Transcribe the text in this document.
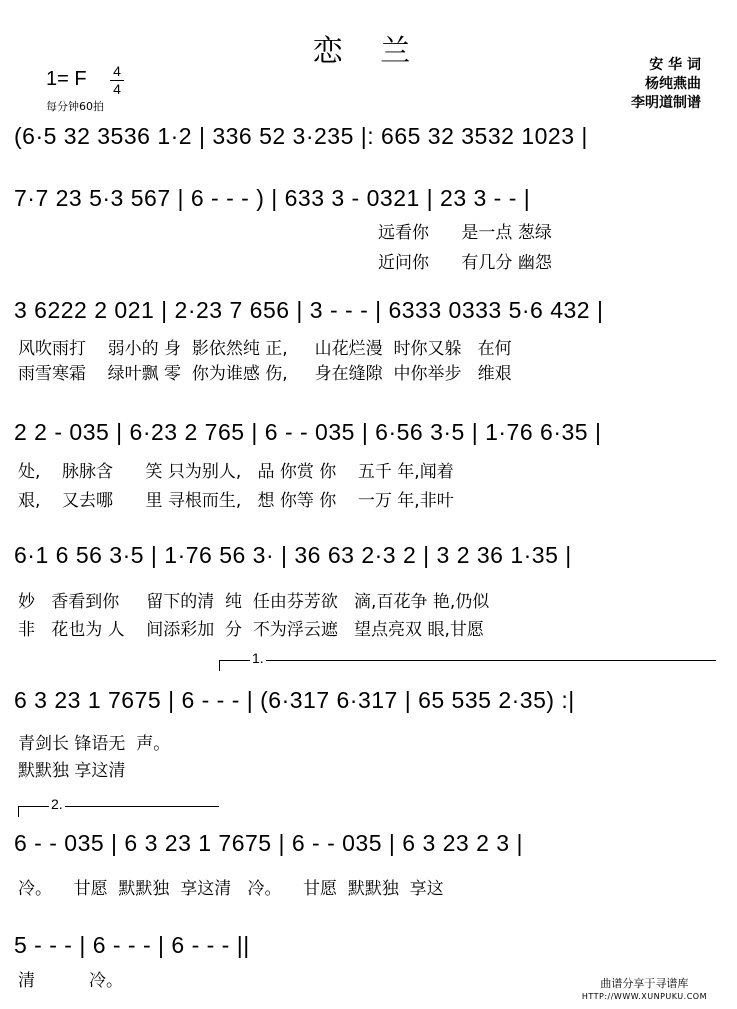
恋 兰	安 华 词
杨纯燕曲
李明道制谱
1= F 4
4
每分钟60拍
(6·5 32 3536 1·2 | 336 52 3·235 |: 665 32 3532 1023 |
7·7 23 5·3 567 | 6 - - - ) | 633 3 - 0321 | 23 3 - - |
远看你      是一点 葱绿
近问你      有几分 幽怨
3 6222 2 021 | 2·23 7 656 | 3 - - - | 6333 0333 5·6 432 |
风吹雨打    弱小的 身  影依然纯 正,     山花烂漫  时你又躲   在何
雨雪寒霜    绿叶飘 零  你为谁感 伤,     身在缝隙  中你举步   维艰
2 2 - 035 | 6·23 2 765 | 6 - - 035 | 6·56 3·5 | 1·76 6·35 |
处,    脉脉含      笑 只为别人,   品 你赏 你    五千 年,闻着
艰,    又去哪      里 寻根而生,   想 你等 你    一万 年,非叶
6·1 6 56 3·5 | 1·76 56 3· | 36 63 2·3 2 | 3 2 36 1·35 |
妙   香看到你     留下的清  纯  任由芬芳欲   滴,百花争 艳,仍似
非   花也为 人    间添彩加  分  不为浮云遮   望点亮双 眼,甘愿
1.
6 3 23 1 7675 | 6 - - - | (6·317 6·317 | 65 535 2·35) :|
青剑长 锋语无  声。
默默独 享这清
2.
6 - - 035 | 6 3 23 1 7675 | 6 - - 035 | 6 3 23 2 3 |
冷。    甘愿  默默独  享这清   冷。    甘愿  默默独  享这
5 - - - | 6 - - - | 6 - - - ||
清          冷。	曲谱分享于寻谱库
HTTP://WWW.XUNPUKU.COM
